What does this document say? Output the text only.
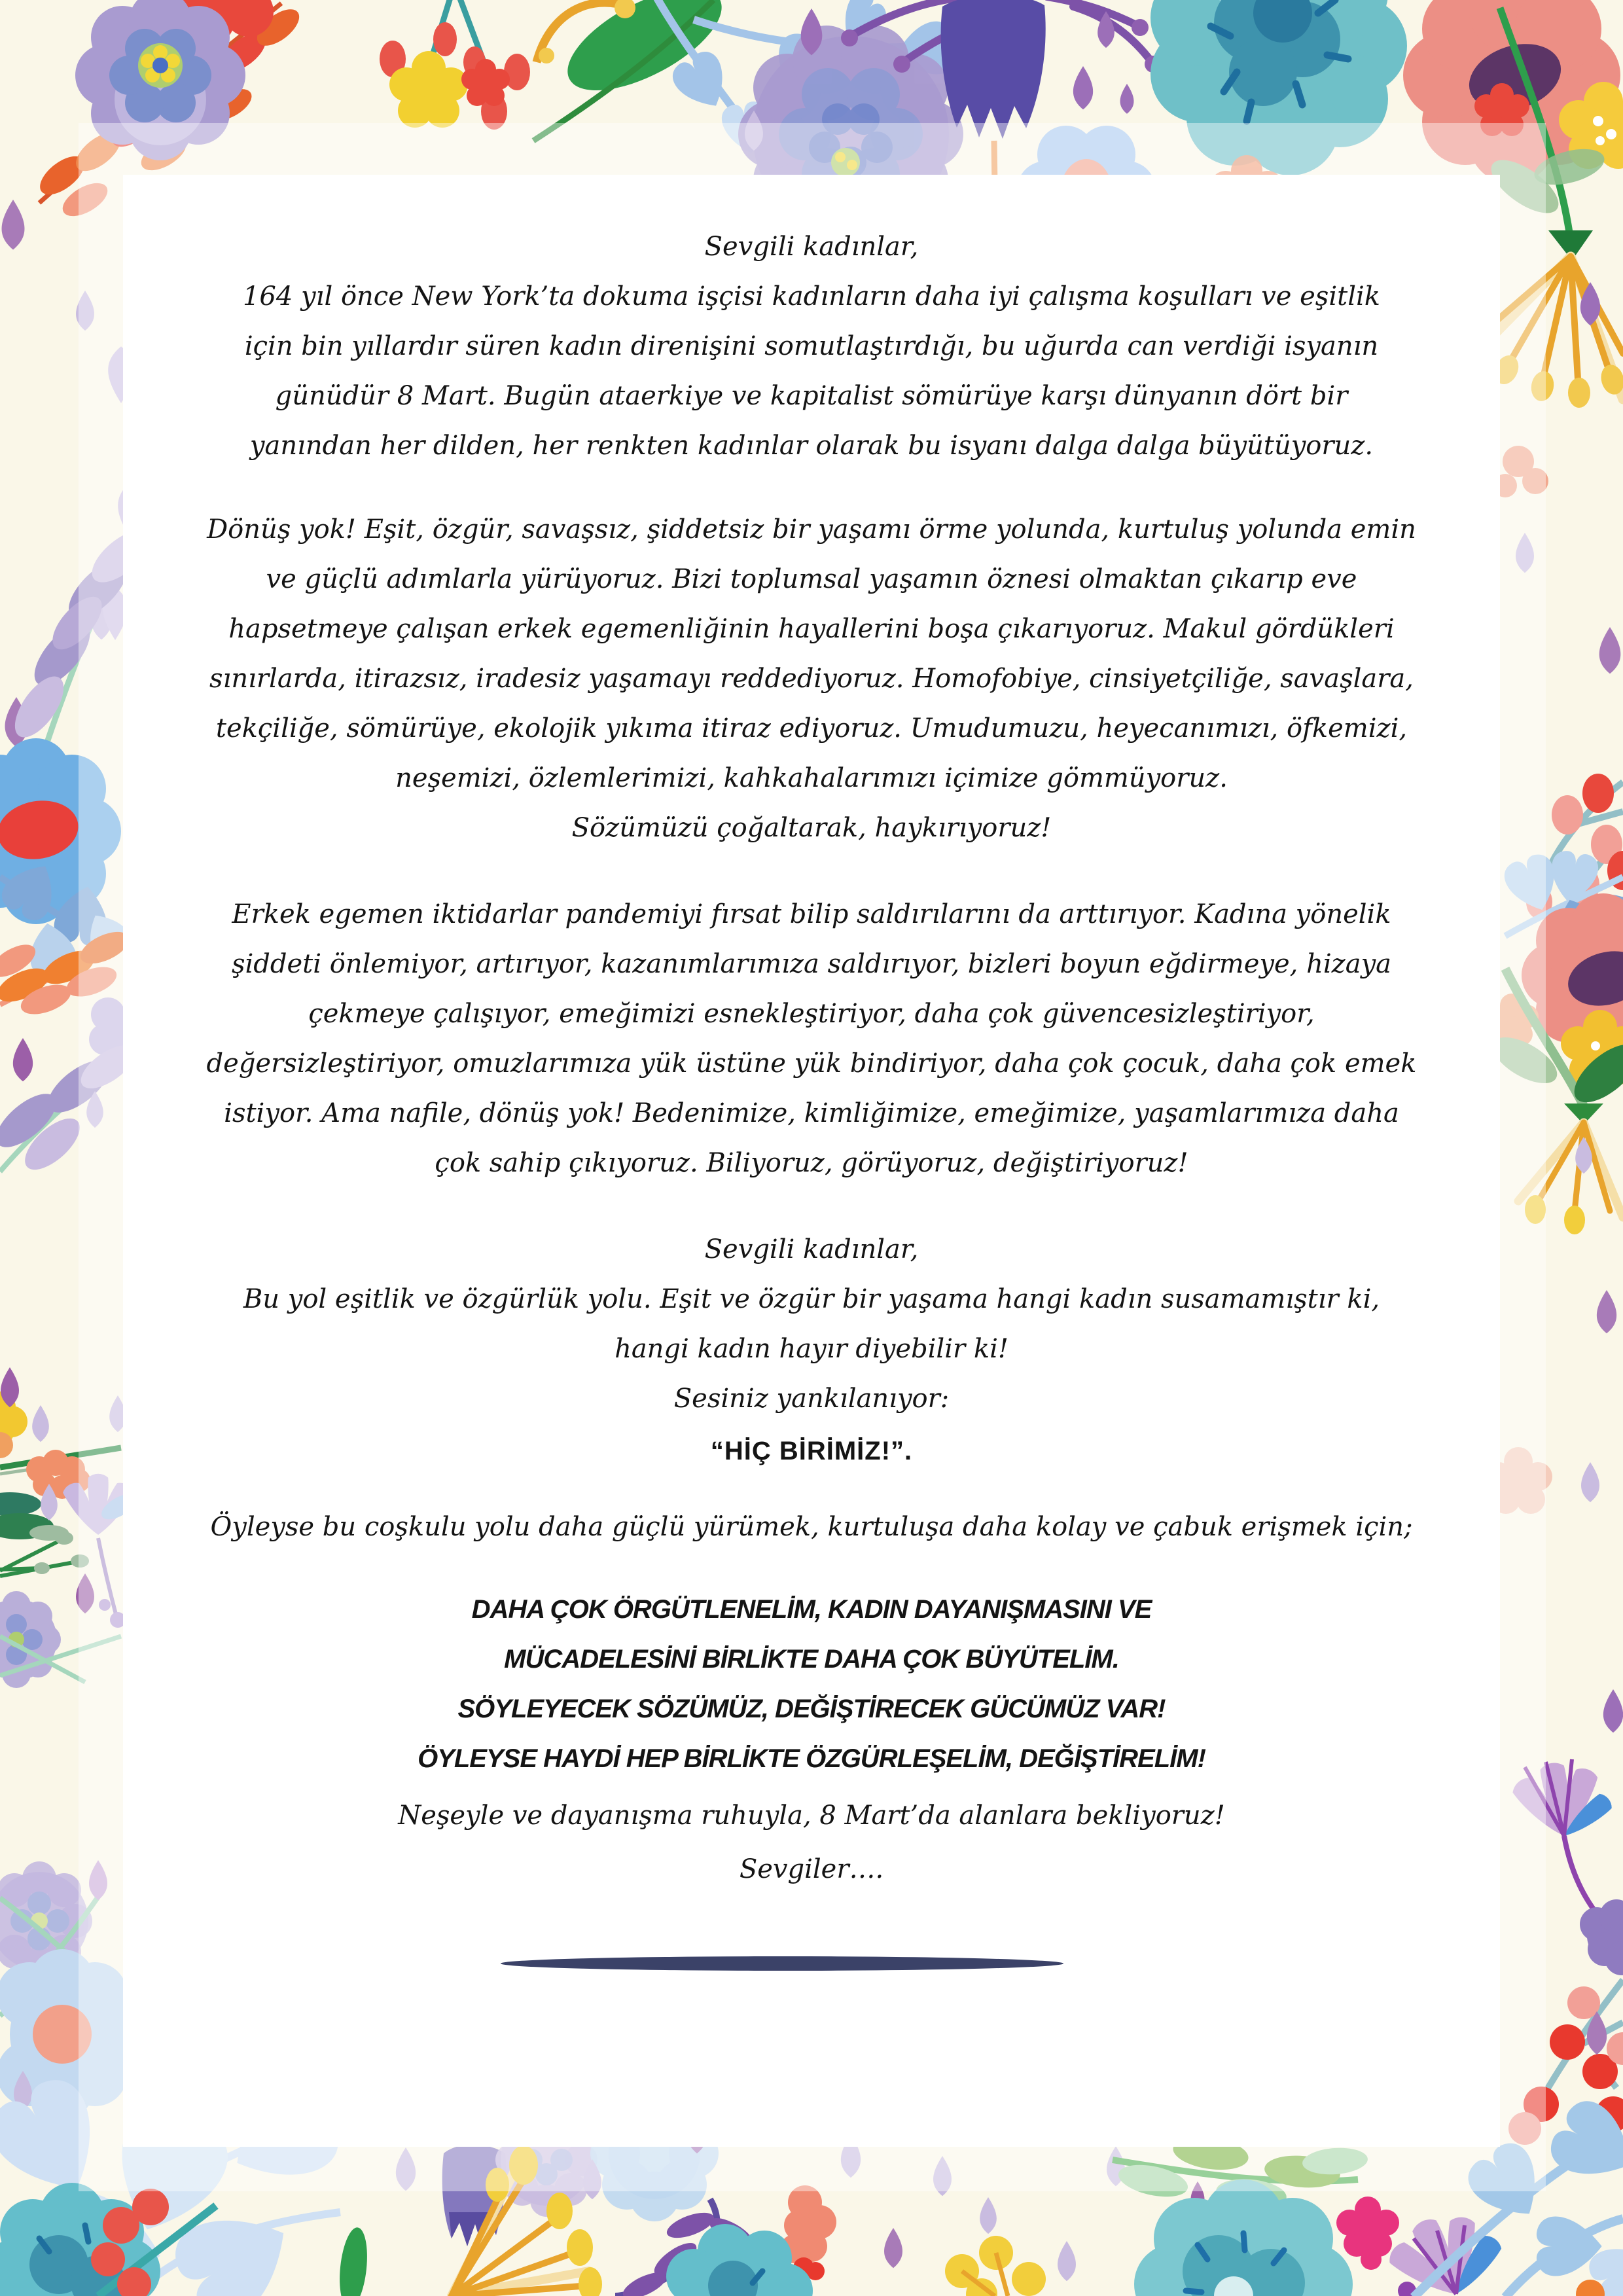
Sevgili kadınlar,
164 yıl önce New York’ta dokuma işçisi kadınların daha iyi çalışma koşulları ve eşitlik
için bin yıllardır süren kadın direnişini somutlaştırdığı, bu uğurda can verdiği isyanın
günüdür 8 Mart. Bugün ataerkiye ve kapitalist sömürüye karşı dünyanın dört bir
yanından her dilden, her renkten kadınlar olarak bu isyanı dalga dalga büyütüyoruz.
Dönüş yok! Eşit, özgür, savaşsız, şiddetsiz bir yaşamı örme yolunda, kurtuluş yolunda emin
ve güçlü adımlarla yürüyoruz. Bizi toplumsal yaşamın öznesi olmaktan çıkarıp eve
hapsetmeye çalışan erkek egemenliğinin hayallerini boşa çıkarıyoruz. Makul gördükleri
sınırlarda, itirazsız, iradesiz yaşamayı reddediyoruz. Homofobiye, cinsiyetçiliğe, savaşlara,
tekçiliğe, sömürüye, ekolojik yıkıma itiraz ediyoruz. Umudumuzu, heyecanımızı, öfkemizi,
neşemizi, özlemlerimizi, kahkahalarımızı içimize gömmüyoruz.
Sözümüzü çoğaltarak, haykırıyoruz!
Erkek egemen iktidarlar pandemiyi fırsat bilip saldırılarını da arttırıyor. Kadına yönelik
şiddeti önlemiyor, artırıyor, kazanımlarımıza saldırıyor, bizleri boyun eğdirmeye, hizaya
çekmeye çalışıyor, emeğimizi esnekleştiriyor, daha çok güvencesizleştiriyor,
değersizleştiriyor, omuzlarımıza yük üstüne yük bindiriyor, daha çok çocuk, daha çok emek
istiyor. Ama nafile, dönüş yok! Bedenimize, kimliğimize, emeğimize, yaşamlarımıza daha
çok sahip çıkıyoruz. Biliyoruz, görüyoruz, değiştiriyoruz!
Sevgili kadınlar,
Bu yol eşitlik ve özgürlük yolu. Eşit ve özgür bir yaşama hangi kadın susamamıştır ki,
hangi kadın hayır diyebilir ki!
Sesiniz yankılanıyor:
“HİÇ BİRİMİZ!”.
Öyleyse bu coşkulu yolu daha güçlü yürümek, kurtuluşa daha kolay ve çabuk erişmek için;
DAHA ÇOK ÖRGÜTLENELİM, KADIN DAYANIŞMASINI VE
MÜCADELESİNİ BİRLİKTE DAHA ÇOK BÜYÜTELİM.
SÖYLEYECEK SÖZÜMÜZ, DEĞİŞTİRECEK GÜCÜMÜZ VAR!
ÖYLEYSE HAYDİ HEP BİRLİKTE ÖZGÜRLEŞELİM, DEĞİŞTİRELİM!
Neşeyle ve dayanışma ruhuyla, 8 Mart’da alanlara bekliyoruz!
Sevgiler….
